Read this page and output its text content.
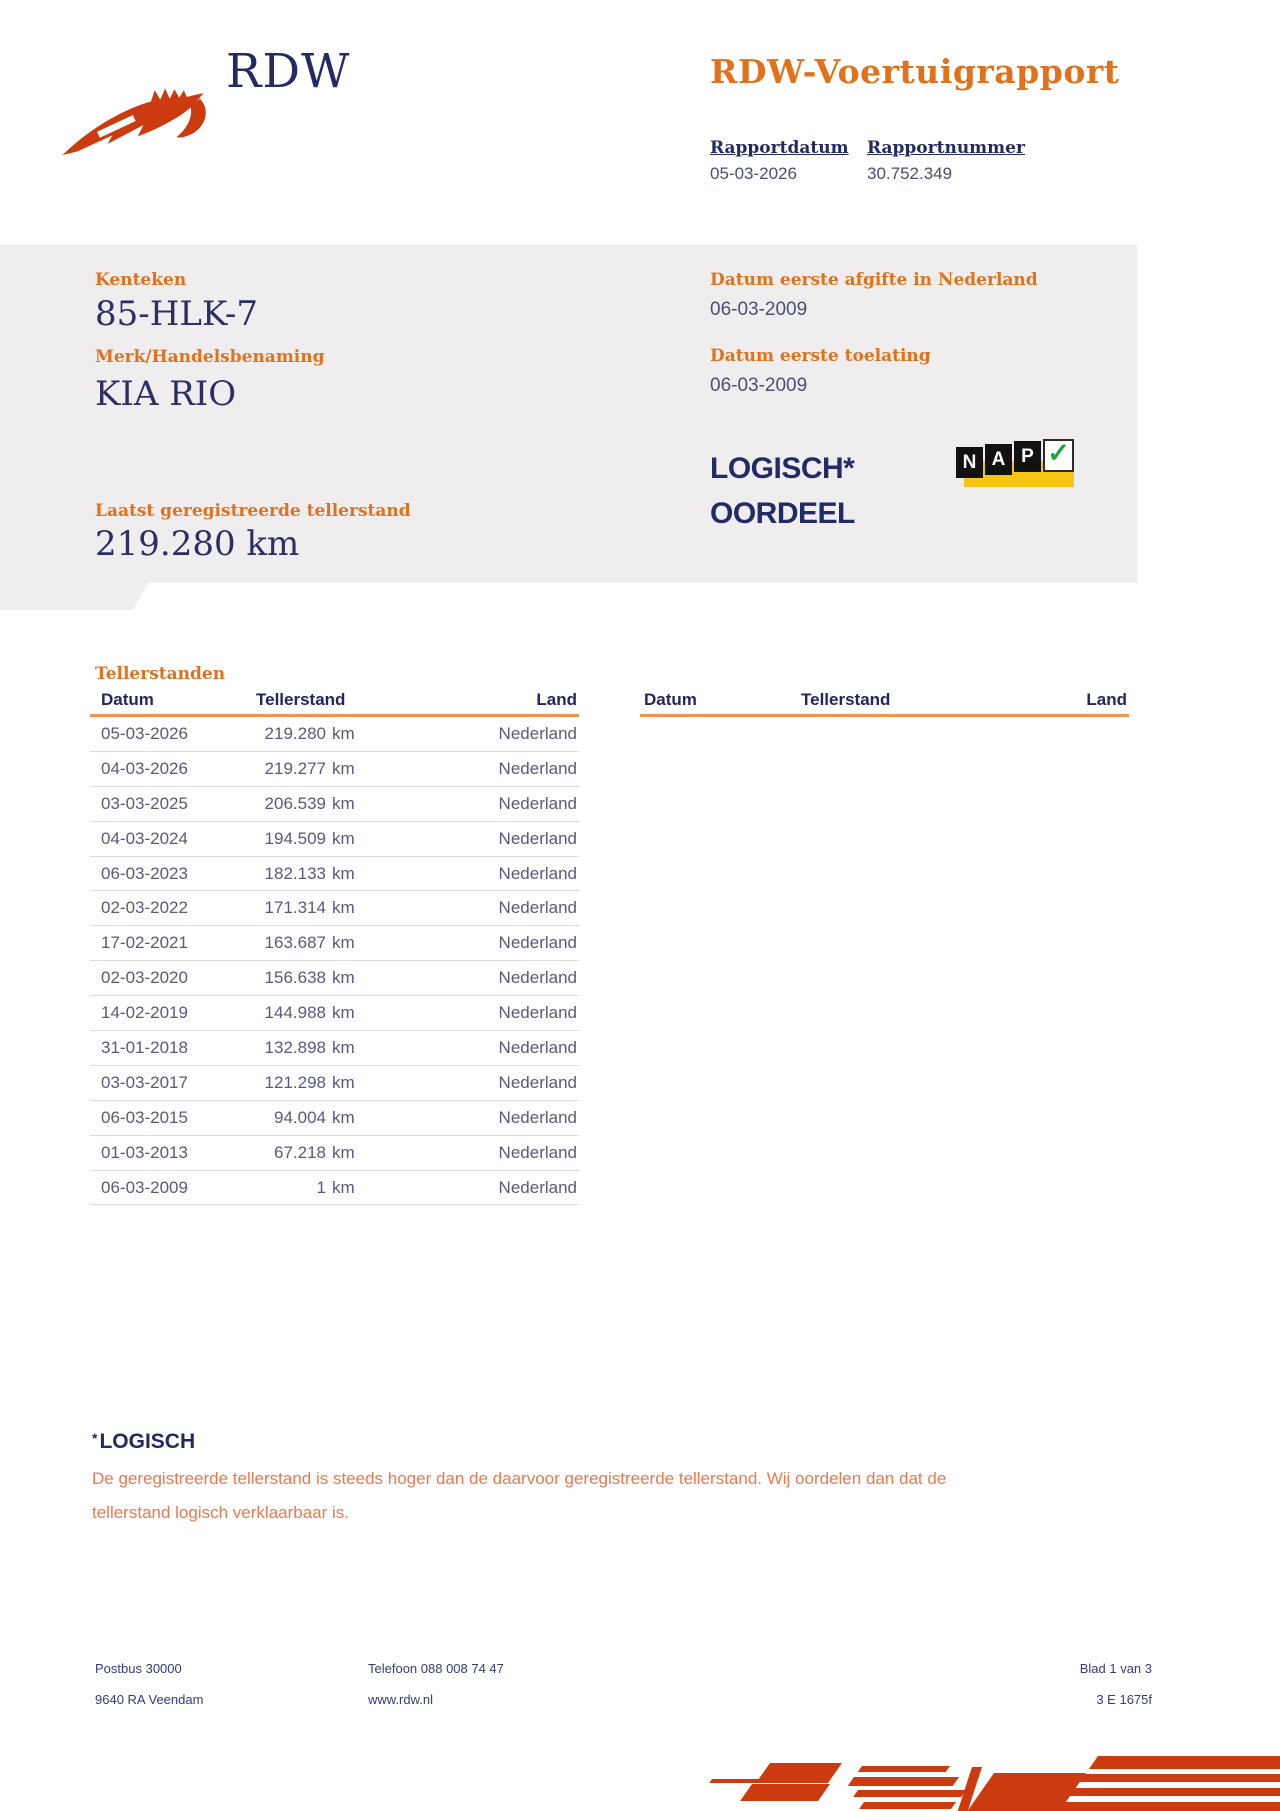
RDW	RDW-Voertuigrapport
Rapportdatum Rapportnummer
05-03-2026	30.752.349
Kenteken
85-HLK-7
Merk/Handelsbenaming
KIA RIO
Laatst geregistreerde tellerstand
219.280 km
Datum eerste afgifte in Nederland
06-03-2009
Datum eerste toelating
06-03-2009
LOGISCH*
OORDEEL
N A P ✓
Tellerstanden
Datum	Tellerstand	Land
05-03-2026	219.280 km	Nederland
04-03-2026	219.277 km	Nederland
03-03-2025	206.539 km	Nederland
04-03-2024	194.509 km	Nederland
06-03-2023	182.133 km	Nederland
02-03-2022	171.314 km	Nederland
17-02-2021	163.687 km	Nederland
02-03-2020	156.638 km	Nederland
14-02-2019	144.988 km	Nederland
31-01-2018	132.898 km	Nederland
03-03-2017	121.298 km	Nederland
06-03-2015	94.004 km	Nederland
01-03-2013	67.218 km	Nederland
06-03-2009	1 km	Nederland
Datum	Tellerstand	Land
*LOGISCH
De geregistreerde tellerstand is steeds hoger dan de daarvoor geregistreerde tellerstand. Wij oordelen dan dat de tellerstand logisch verklaarbaar is.
Postbus 30000
9640 RA Veendam
Telefoon 088 008 74 47
www.rdw.nl
Blad 1 van 3
3 E 1675f
